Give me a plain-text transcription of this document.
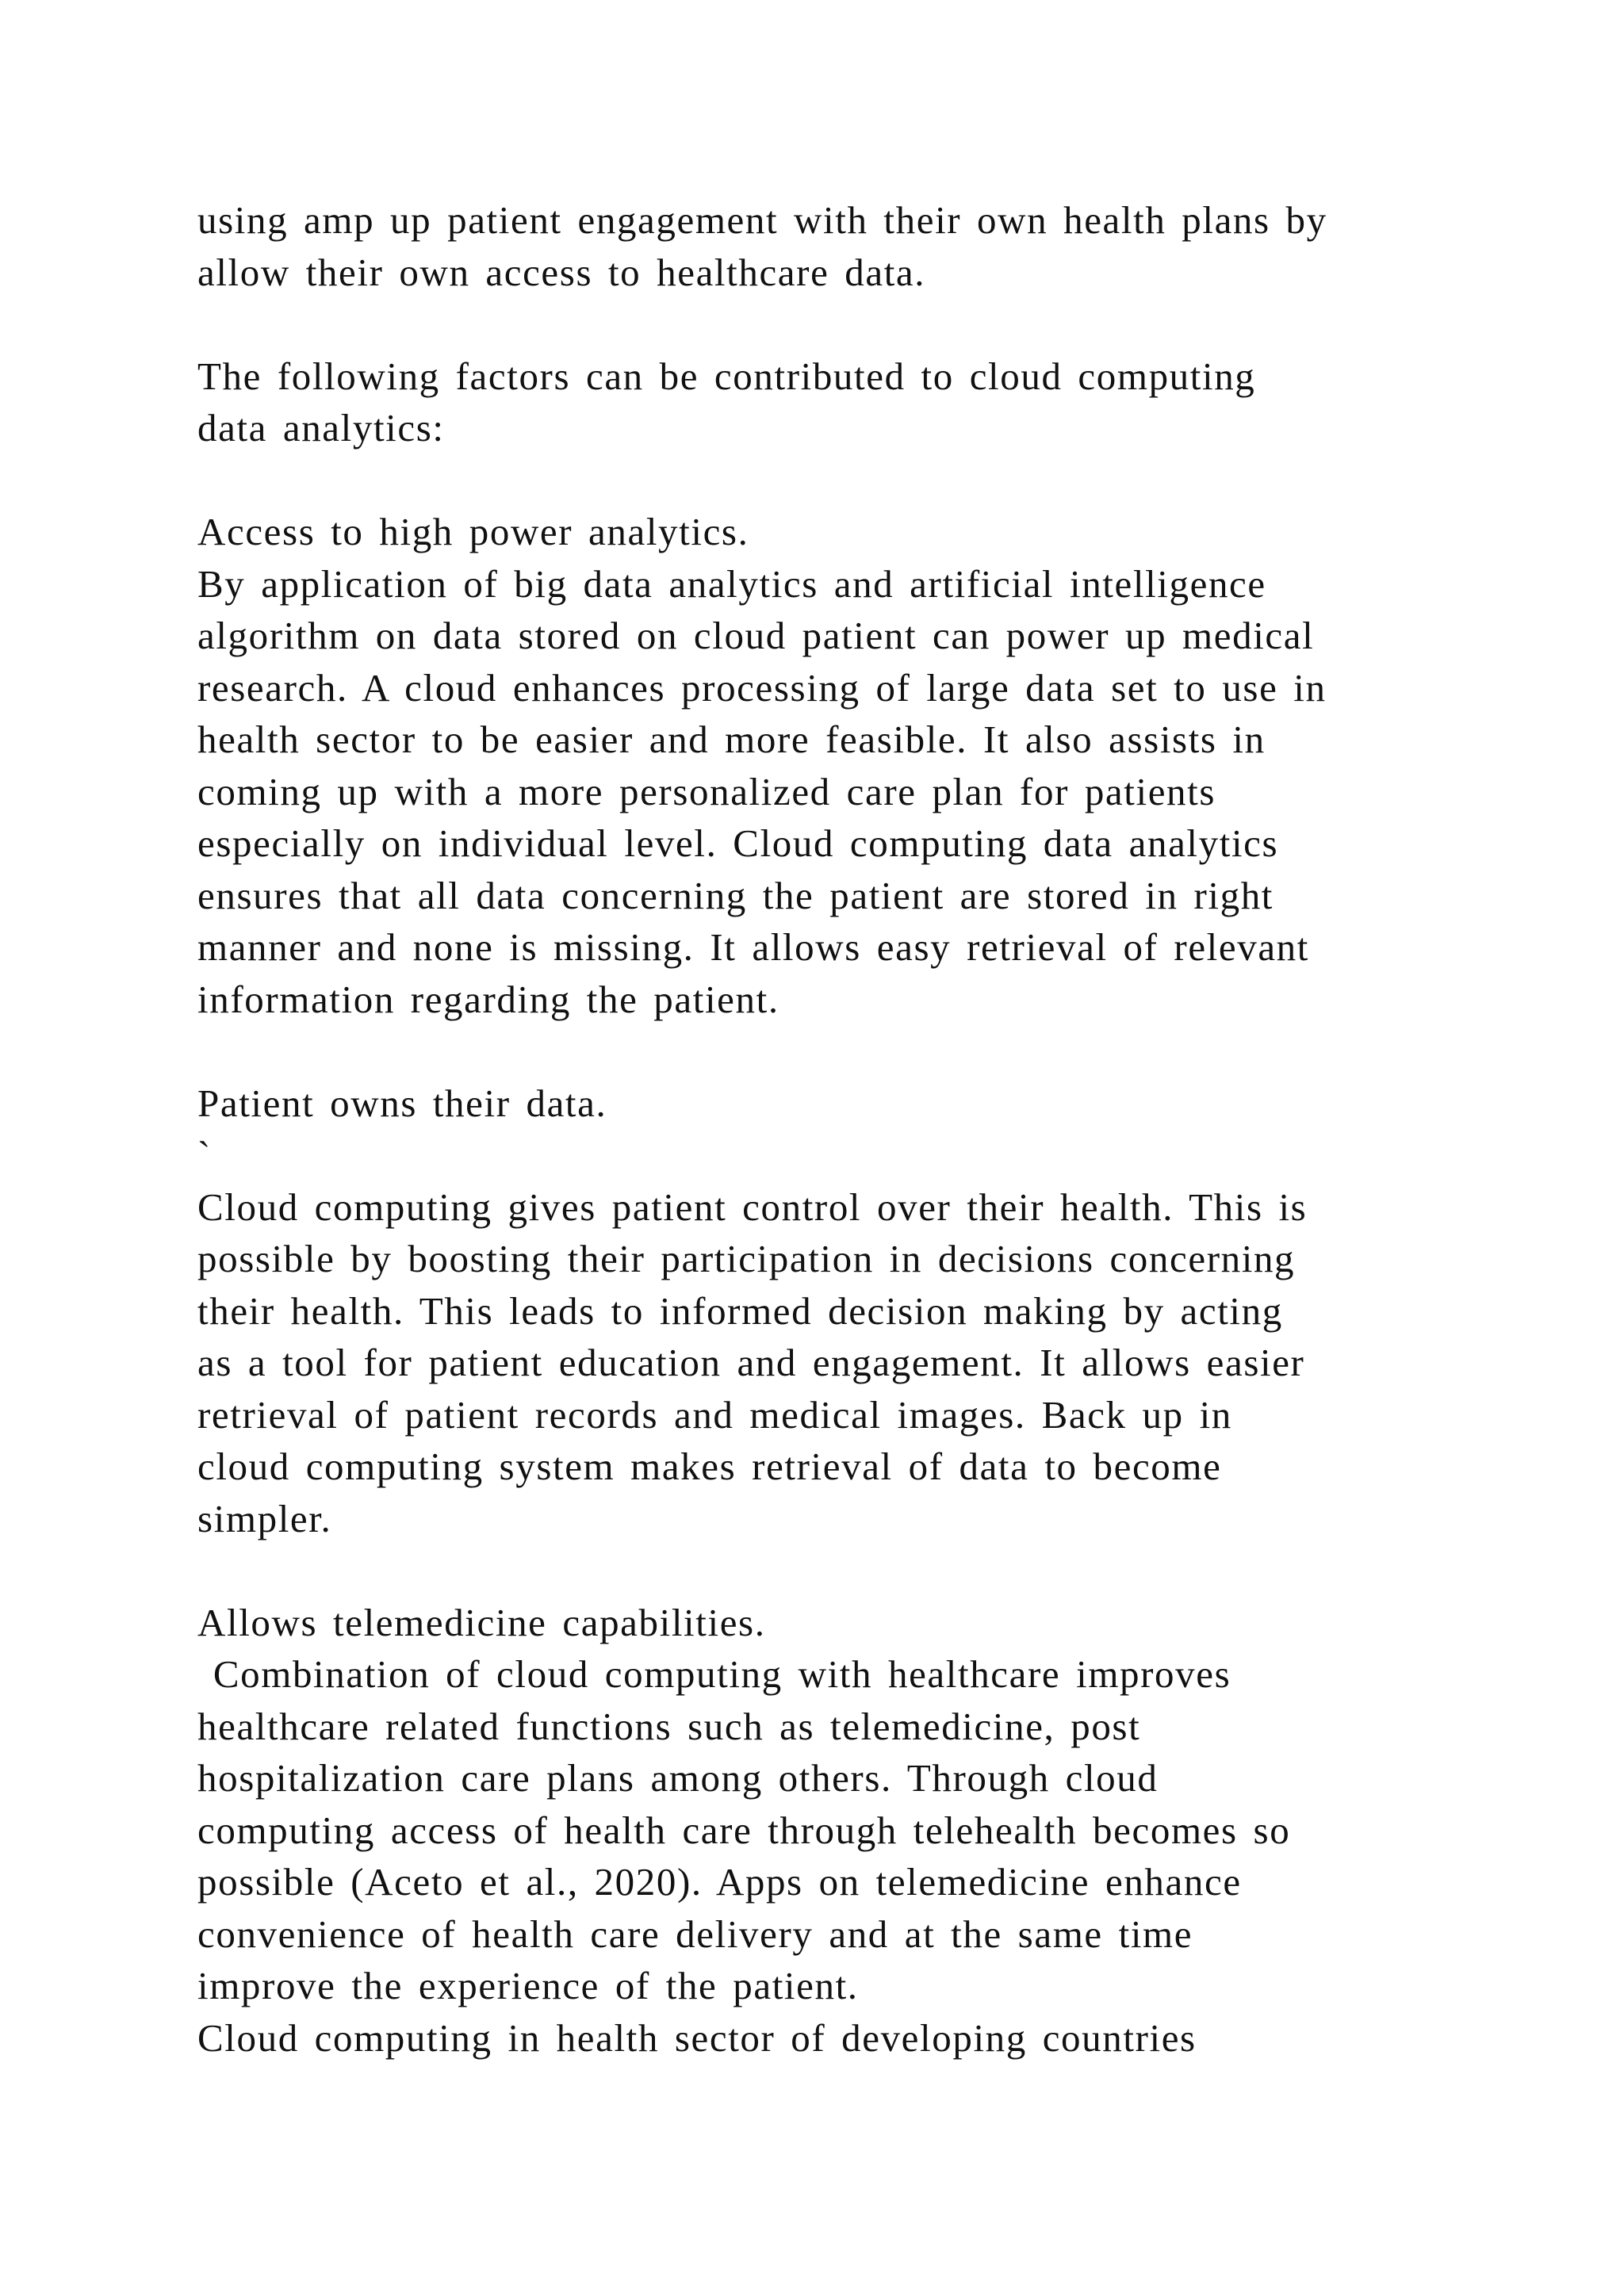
using amp up patient engagement with their own health plans by
allow their own access to healthcare data.
The following factors can be contributed to cloud computing
data analytics:
Access to high power analytics.
By application of big data analytics and artificial intelligence
algorithm on data stored on cloud patient can power up medical
research. A cloud enhances processing of large data set to use in
health sector to be easier and more feasible. It also assists in
coming up with a more personalized care plan for patients
especially on individual level. Cloud computing data analytics
ensures that all data concerning the patient are stored in right
manner and none is missing. It allows easy retrieval of relevant
information regarding the patient.
Patient owns their data.
`
Cloud computing gives patient control over their health. This is
possible by boosting their participation in decisions concerning
their health. This leads to informed decision making by acting
as a tool for patient education and engagement. It allows easier
retrieval of patient records and medical images. Back up in
cloud computing system makes retrieval of data to become
simpler.
Allows telemedicine capabilities.
Combination of cloud computing with healthcare improves
healthcare related functions such as telemedicine, post
hospitalization care plans among others. Through cloud
computing access of health care through telehealth becomes so
possible (Aceto et al., 2020). Apps on telemedicine enhance
convenience of health care delivery and at the same time
improve the experience of the patient.
Cloud computing in health sector of developing countries
